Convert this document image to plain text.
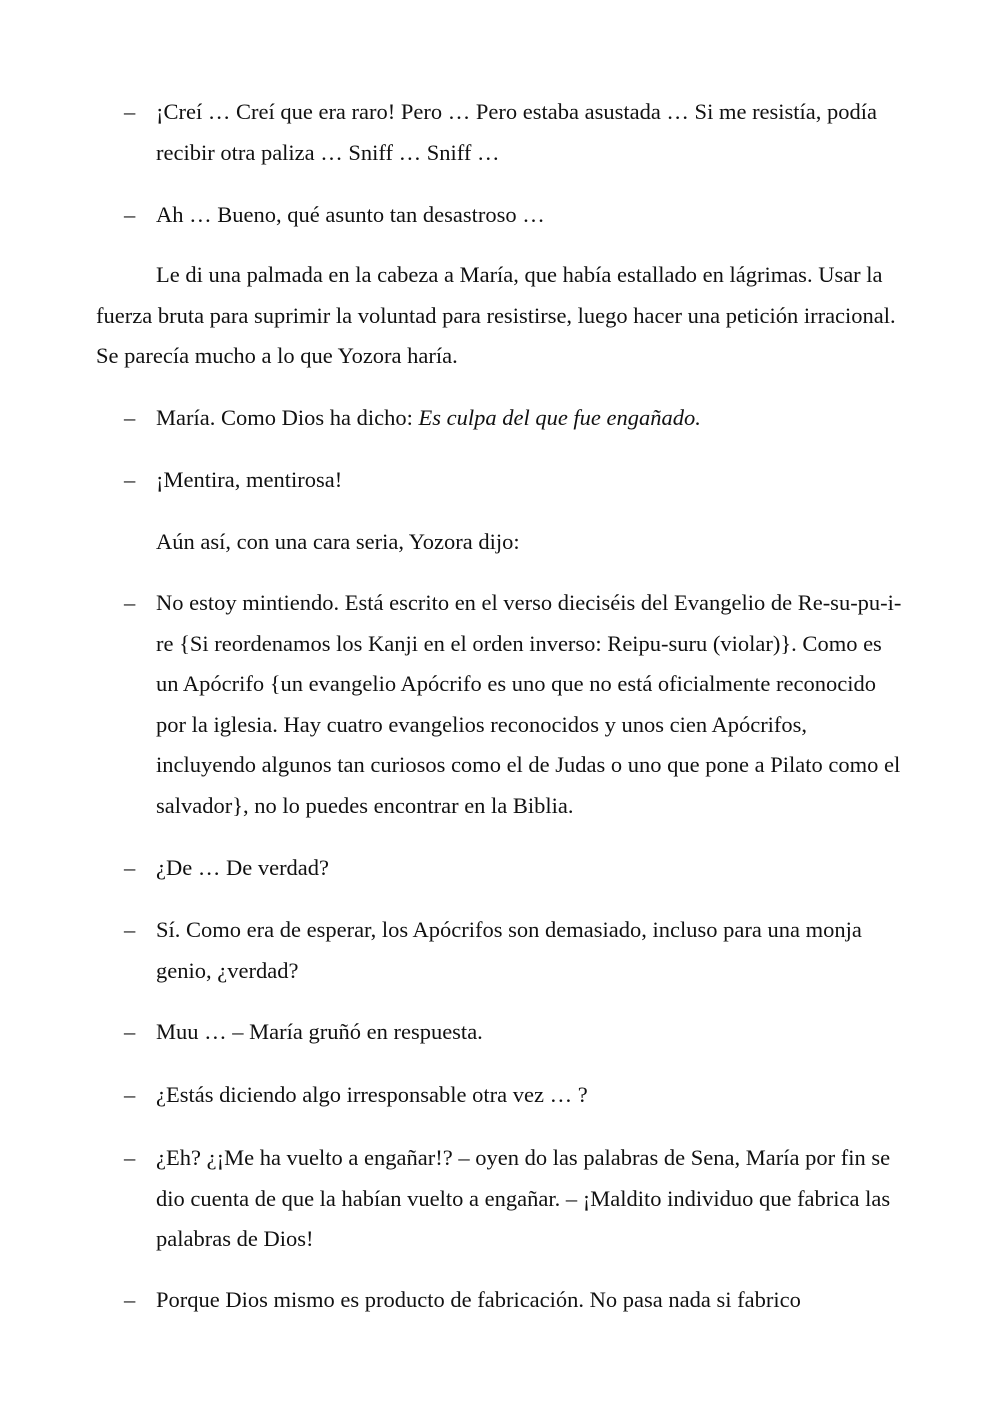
– ¡Creí … Creí que era raro! Pero … Pero estaba asustada … Si me resistía, podía recibir otra paliza … Sniff … Sniff …

– Ah … Bueno, qué asunto tan desastroso …

Le di una palmada en la cabeza a María, que había estallado en lágrimas. Usar la fuerza bruta para suprimir la voluntad para resistirse, luego hacer una petición irracional. Se parecía mucho a lo que Yozora haría.

– María. Como Dios ha dicho: Es culpa del que fue engañado.

– ¡Mentira, mentirosa!

Aún así, con una cara seria, Yozora dijo:

– No estoy mintiendo. Está escrito en el verso dieciséis del Evangelio de Re-su-pu-i-re {Si reordenamos los Kanji en el orden inverso: Reipu-suru (violar)}. Como es un Apócrifo {un evangelio Apócrifo es uno que no está oficialmente reconocido por la iglesia. Hay cuatro evangelios reconocidos y unos cien Apócrifos, incluyendo algunos tan curiosos como el de Judas o uno que pone a Pilato como el salvador}, no lo puedes encontrar en la Biblia.

– ¿De … De verdad?

– Sí. Como era de esperar, los Apócrifos son demasiado, incluso para una monja genio, ¿verdad?

– Muu … – María gruñó en respuesta.

– ¿Estás diciendo algo irresponsable otra vez … ?

– ¿Eh? ¿¡Me ha vuelto a engañar!? – oyen do las palabras de Sena, María por fin se dio cuenta de que la habían vuelto a engañar. – ¡Maldito individuo que fabrica las palabras de Dios!

– Porque Dios mismo es producto de fabricación. No pasa nada si fabrico
